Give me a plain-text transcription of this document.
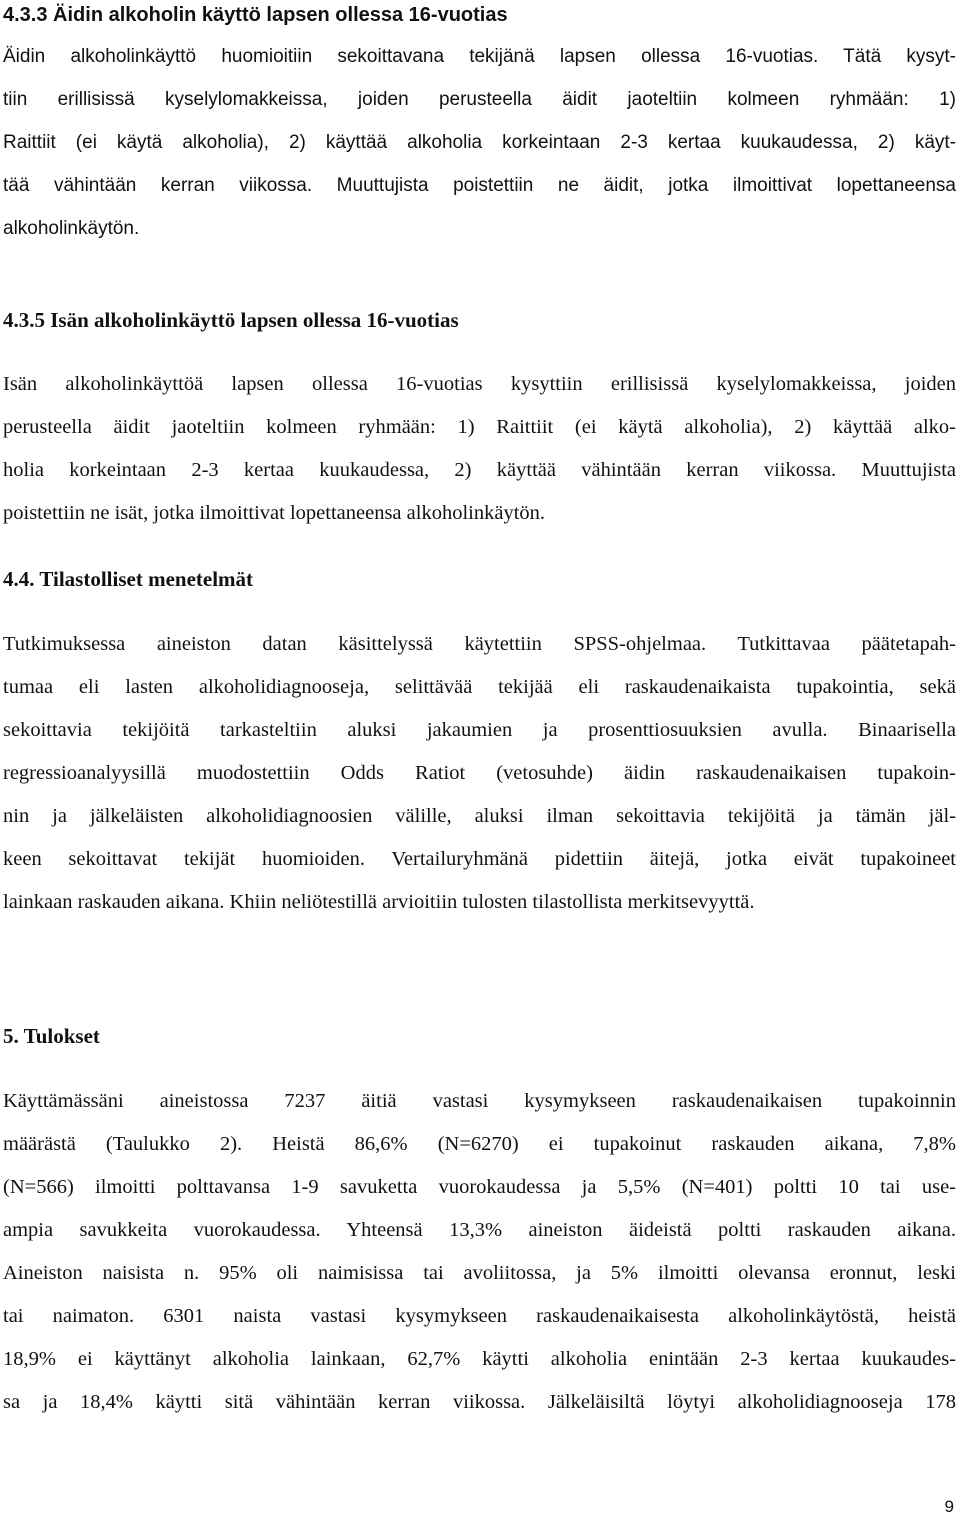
4.3.3 Äidin alkoholin käyttö lapsen ollessa 16-vuotias
Äidin alkoholinkäyttö huomioitiin sekoittavana tekijänä lapsen ollessa 16-vuotias. Tätä kysyt-
tiin erillisissä kyselylomakkeissa, joiden perusteella äidit jaoteltiin kolmeen ryhmään: 1)
Raittiit (ei käytä alkoholia), 2) käyttää alkoholia korkeintaan 2-3 kertaa kuukaudessa, 2) käyt-
tää vähintään kerran viikossa. Muuttujista poistettiin ne äidit, jotka ilmoittivat lopettaneensa
alkoholinkäytön.
4.3.5 Isän alkoholinkäyttö lapsen ollessa 16-vuotias
Isän alkoholinkäyttöä lapsen ollessa 16-vuotias kysyttiin erillisissä kyselylomakkeissa, joiden
perusteella äidit jaoteltiin kolmeen ryhmään: 1) Raittiit (ei käytä alkoholia), 2) käyttää alko-
holia korkeintaan 2-3 kertaa kuukaudessa, 2) käyttää vähintään kerran viikossa. Muuttujista
poistettiin ne isät, jotka ilmoittivat lopettaneensa alkoholinkäytön.
4.4. Tilastolliset menetelmät
Tutkimuksessa aineiston datan käsittelyssä käytettiin SPSS-ohjelmaa. Tutkittavaa päätetapah-
tumaa eli lasten alkoholidiagnooseja, selittävää tekijää eli raskaudenaikaista tupakointia, sekä
sekoittavia tekijöitä tarkasteltiin aluksi jakaumien ja prosenttiosuuksien avulla. Binaarisella
regressioanalyysillä muodostettiin Odds Ratiot (vetosuhde) äidin raskaudenaikaisen tupakoin-
nin ja jälkeläisten alkoholidiagnoosien välille, aluksi ilman sekoittavia tekijöitä ja tämän jäl-
keen sekoittavat tekijät huomioiden. Vertailuryhmänä pidettiin äitejä, jotka eivät tupakoineet
lainkaan raskauden aikana. Khiin neliötestillä arvioitiin tulosten tilastollista merkitsevyyttä.
5. Tulokset
Käyttämässäni aineistossa 7237 äitiä vastasi kysymykseen raskaudenaikaisen tupakoinnin
määrästä (Taulukko 2). Heistä 86,6% (N=6270) ei tupakoinut raskauden aikana, 7,8%
(N=566) ilmoitti polttavansa 1-9 savuketta vuorokaudessa ja 5,5% (N=401) poltti 10 tai use-
ampia savukkeita vuorokaudessa. Yhteensä 13,3% aineiston äideistä poltti raskauden aikana.
Aineiston naisista n. 95% oli naimisissa tai avoliitossa, ja 5% ilmoitti olevansa eronnut, leski
tai naimaton. 6301 naista vastasi kysymykseen raskaudenaikaisesta alkoholinkäytöstä, heistä
18,9% ei käyttänyt alkoholia lainkaan, 62,7% käytti alkoholia enintään 2-3 kertaa kuukaudes-
sa ja 18,4% käytti sitä vähintään kerran viikossa. Jälkeläisiltä löytyi alkoholidiagnooseja 178

9
